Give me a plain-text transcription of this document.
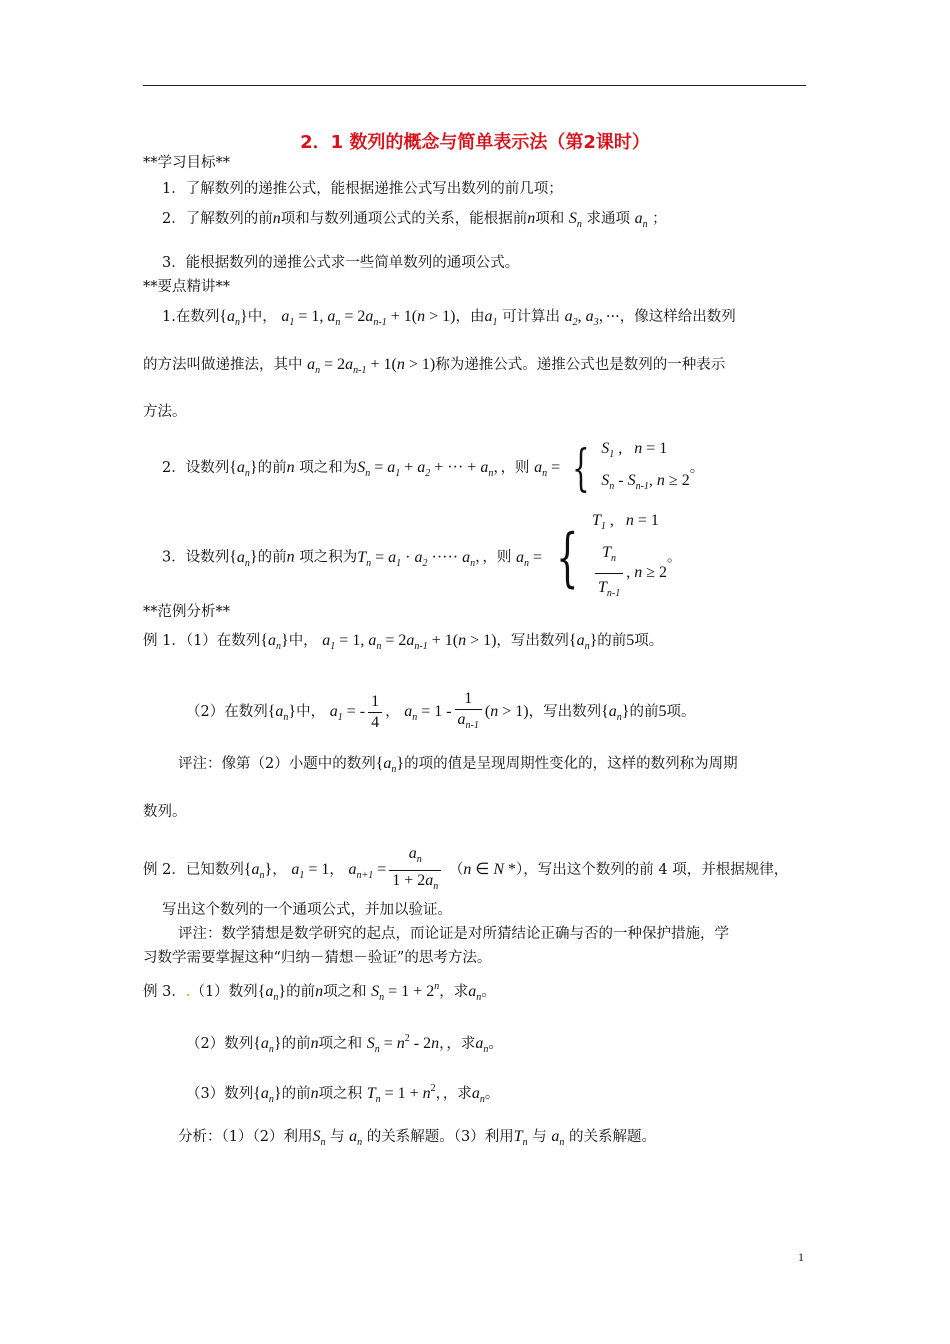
2．1 数列的概念与简单表示法（第2课时）
**学习目标**
1．了解数列的递推公式，能根据递推公式写出数列的前几项；
2．了解数列的前n项和与数列通项公式的关系，能根据前n项和 $S_n$ 求通项 $a_n$ ；
3．能根据数列的递推公式求一些简单数列的通项公式。
**要点精讲**
1.在数列$\{a_n\}$中， $a_1 = 1$, $a_n = 2a_{n-1} + 1(n > 1)$，由$a_1$ 可计算出 $a_2$, $a_3$，···，像这样给出数列
的方法叫做递推法，其中 $a_n = 2a_{n-1} + 1(n > 1)$称为递推公式。递推公式也是数列的一种表示
方法。
2．设数列$\{a_n\}$的前n 项之和为$S_n = a_1 + a_2$ + ··· + $a_n$，，则 $a_n$ = { $S_1$ ,   n = 1
$S_n - S_{n-1}$, n ≥ 2
。
3．设数列$\{a_n\}$的前n 项之积为$T_n = a_1 \cdot a_2$ ····· $a_n$，，则 $a_n$ = { $T_1$ ,   n = 1
$\frac{T_n}{T_{n-1}}$ , n ≥ 2
。
**范例分析**
例 1．（1）在数列$\{a_n\}$中， $a_1 = 1$, $a_n = 2a_{n-1} + 1(n > 1)$，写出数列$\{a_n\}$的前5项。
（2）在数列$\{a_n\}$中， $a_1$ = - $\frac{1}{4}$ ， $a_n = 1 - \frac{1}{a_{n-1}} (n > 1)$，写出数列$\{a_n\}$的前5项。
评注：像第（2）小题中的数列$\{a_n\}$的项的值是呈现周期性变化的，这样的数列称为周期
数列。
例 2．已知数列$\{a_n\}$， $a_1 = 1$， $a_{n+1} = \frac{a_n}{1 + 2a_n} (n$ ∈ N *），写出这个数列的前 4 项，并根据规律，
写出这个数列的一个通项公式，并加以验证。
评注：数学猜想是数学研究的起点，而论证是对所猜结论正确与否的一种保护措施，学
习数学需要掌握这种“归纳－猜想－验证”的思考方法。
例 3．.（1）数列$\{a_n\}$的前n项之和 $S_n = 1 + 2^n$，求$a_n$。
（2）数列$\{a_n\}$的前n项之和 $S_n = n^2 - 2n$，，求$a_n$。
（3）数列$\{a_n\}$的前n项之积 $T_n = 1 + n^2$，，求$a_n$。
分析：（1）（2）利用$S_n$ 与 $a_n$ 的关系解题。（3）利用$T_n$ 与 $a_n$ 的关系解题。
1
